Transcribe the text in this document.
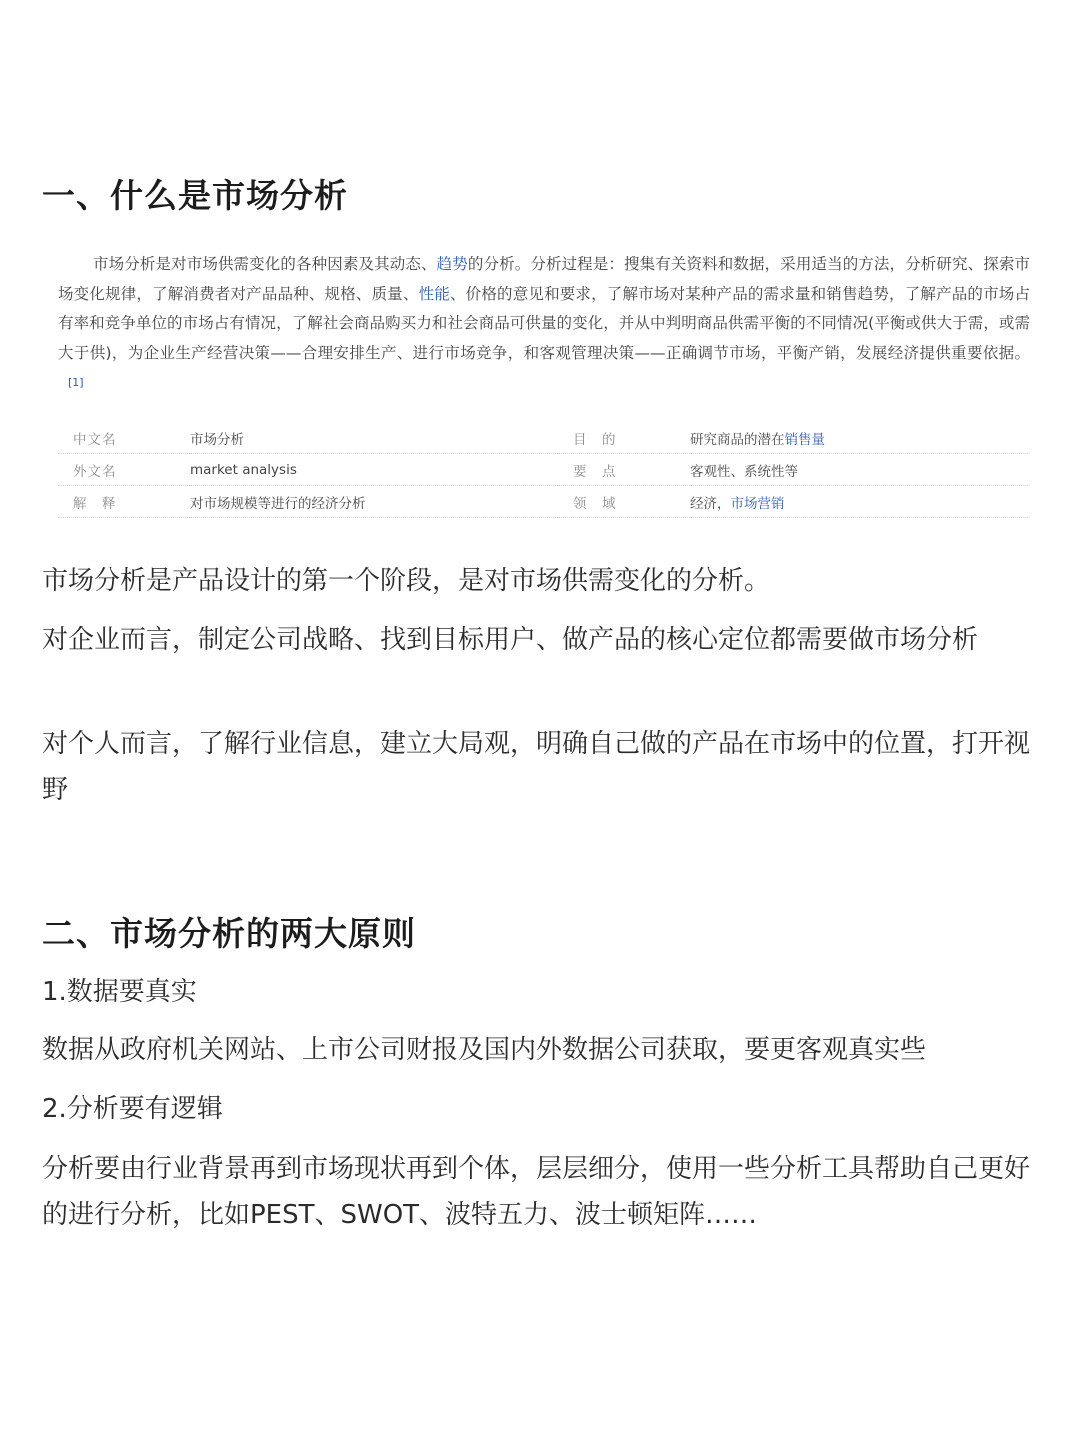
一、什么是市场分析

市场分析是对市场供需变化的各种因素及其动态、趋势的分析。分析过程是：搜集有关资料和数据，采用适当的方法，分析研究、探索市场变化规律，了解消费者对产品品种、规格、质量、性能、价格的意见和要求，了解市场对某种产品的需求量和销售趋势，了解产品的市场占有率和竞争单位的市场占有情况，了解社会商品购买力和社会商品可供量的变化，并从中判明商品供需平衡的不同情况(平衡或供大于需，或需大于供)，为企业生产经营决策——合理安排生产、进行市场竞争，和客观管理决策——正确调节市场，平衡产销，发展经济提供重要依据。[1]

中文名	市场分析	目　的	研究商品的潜在销售量
外文名	market analysis	要　点	客观性、系统性等
解　释	对市场规模等进行的经济分析	领　域	经济，市场营销

市场分析是产品设计的第一个阶段，是对市场供需变化的分析。

对企业而言，制定公司战略、找到目标用户、做产品的核心定位都需要做市场分析

对个人而言，了解行业信息，建立大局观，明确自己做的产品在市场中的位置，打开视野

二、市场分析的两大原则

1.数据要真实

数据从政府机关网站、上市公司财报及国内外数据公司获取，要更客观真实些

2.分析要有逻辑

分析要由行业背景再到市场现状再到个体，层层细分，使用一些分析工具帮助自己更好的进行分析，比如PEST、SWOT、波特五力、波士顿矩阵……
